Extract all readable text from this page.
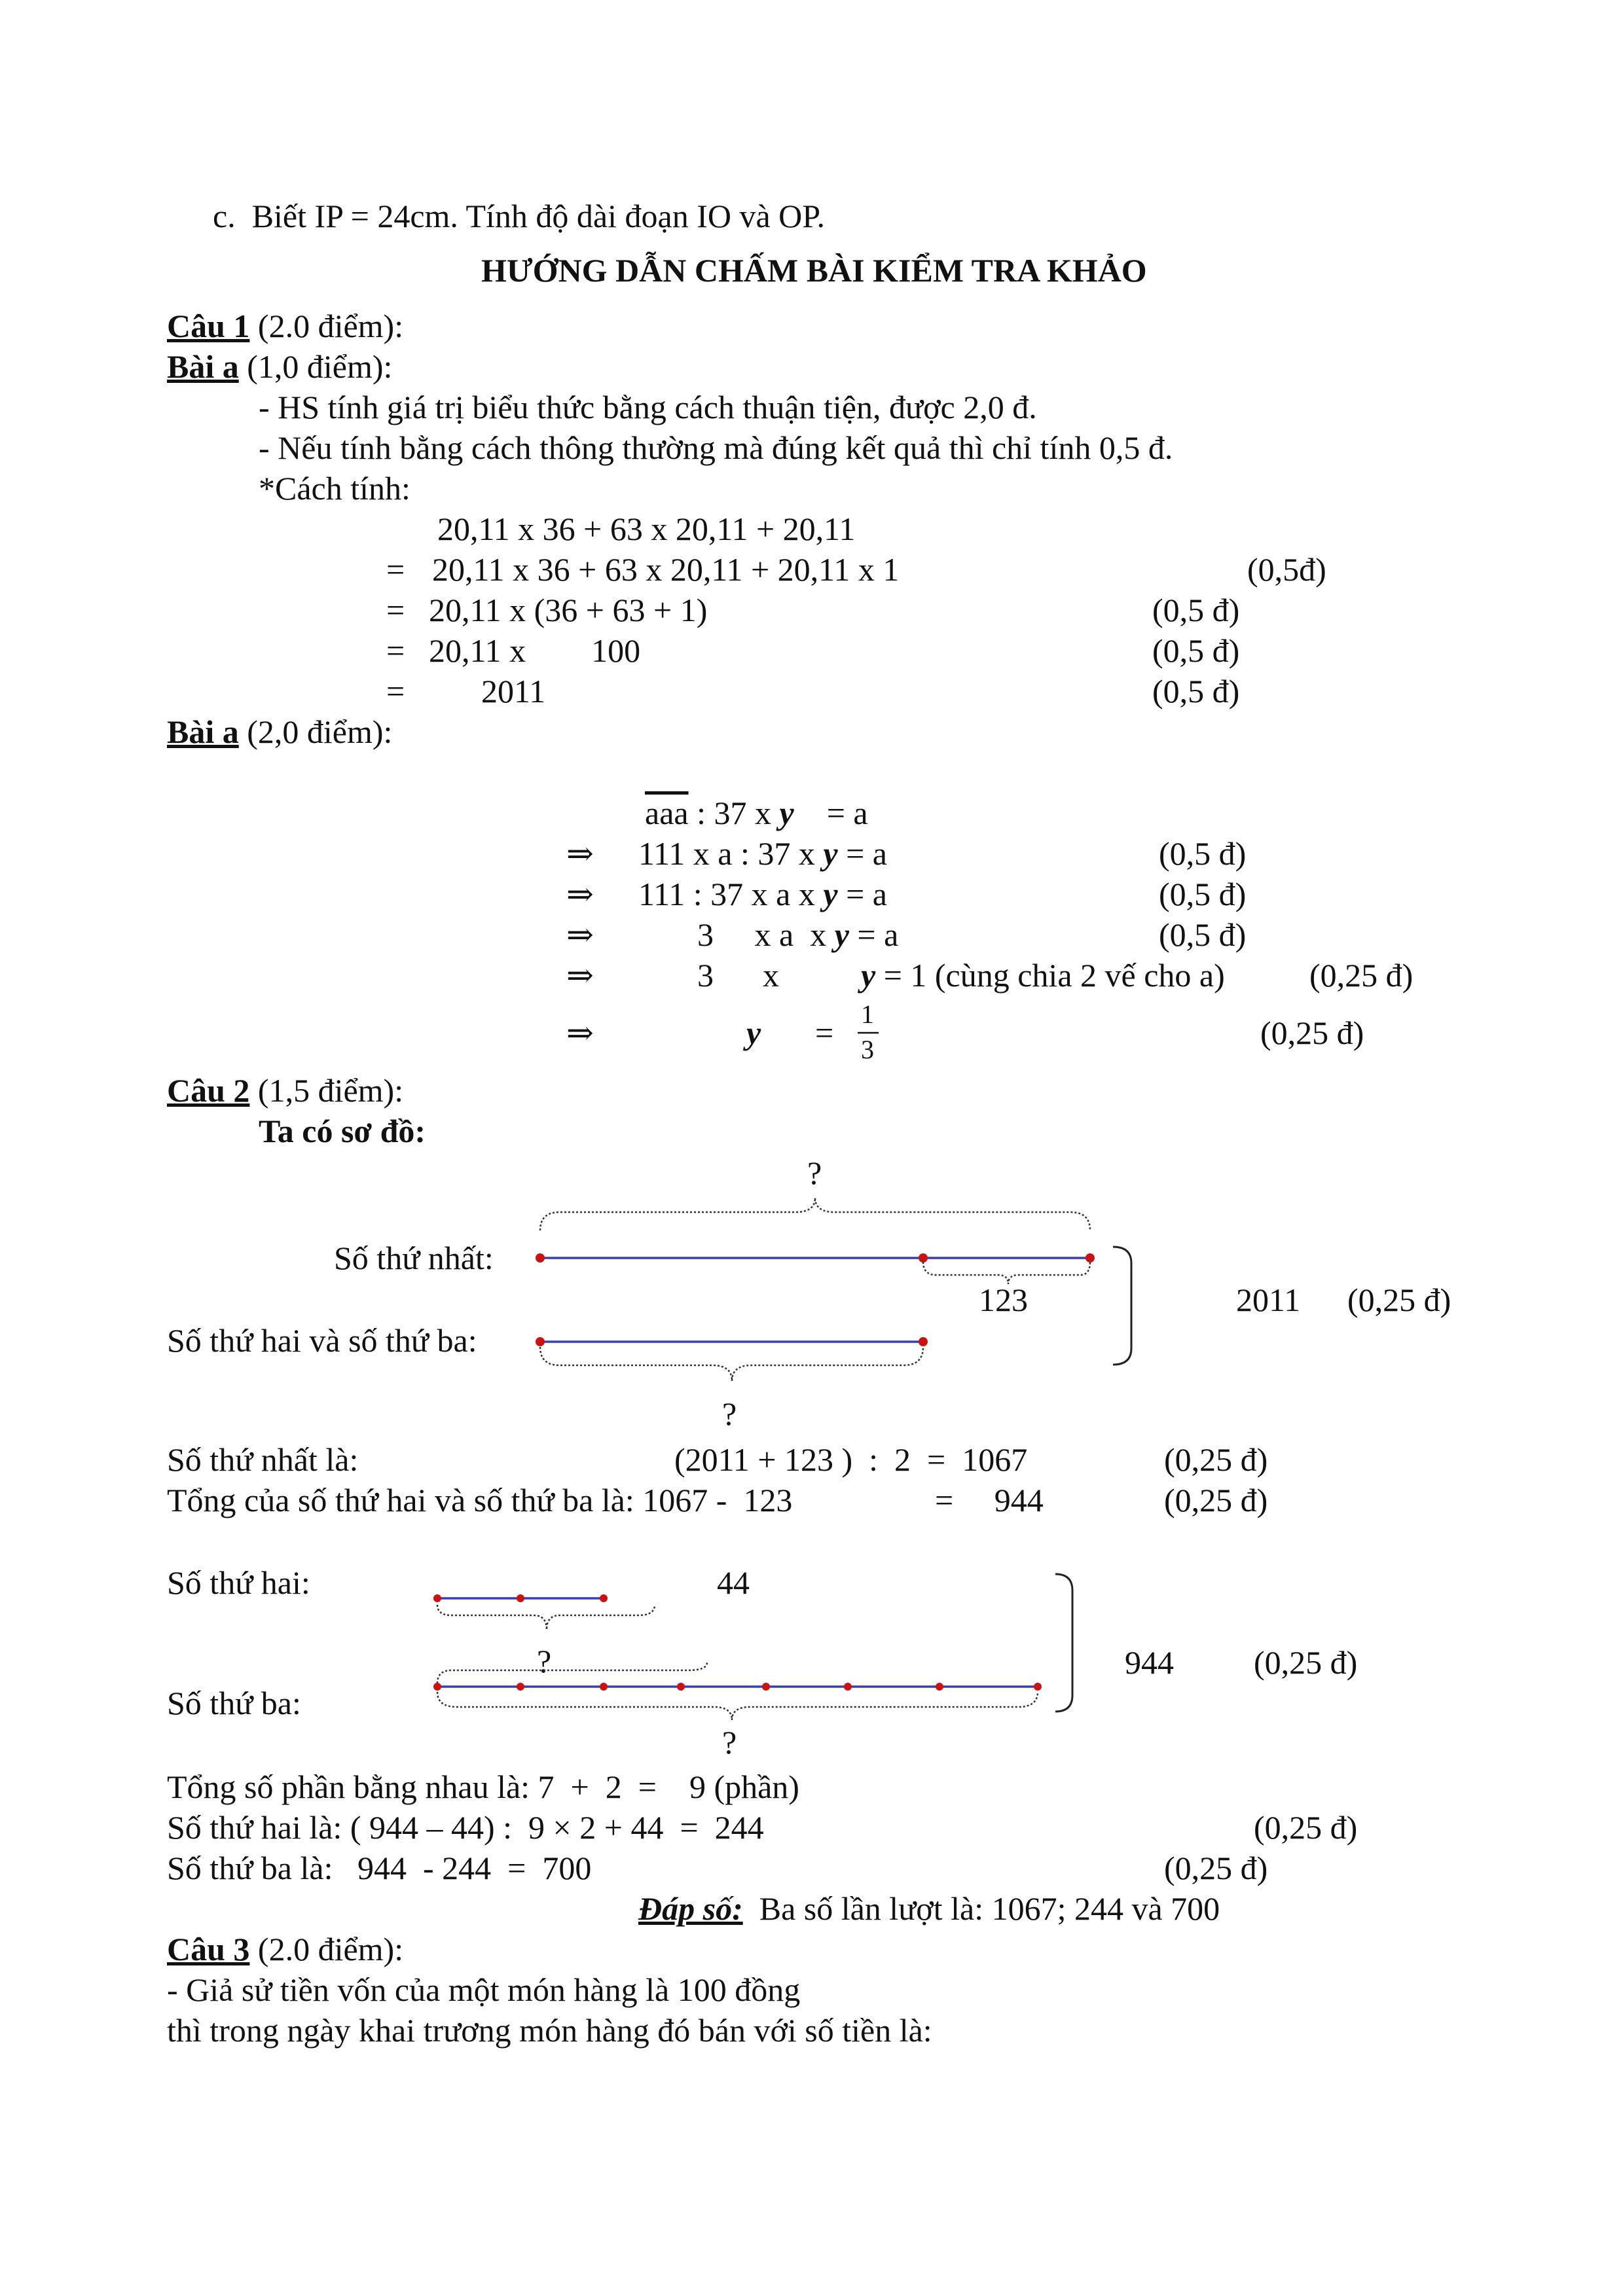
c.  Biết IP = 24cm. Tính độ dài đoạn IO và OP.
HƯỚNG DẪN CHẤM BÀI KIỂM TRA KHẢO
Câu 1 (2.0 điểm):
Bài a (1,0 điểm):
- HS tính giá trị biểu thức bằng cách thuận tiện, được 2,0 đ.
- Nếu tính bằng cách thông thường mà đúng kết quả thì chỉ tính 0,5 đ.
*Cách tính:
20,11 x 36 + 63 x 20,11 + 20,11
= 20,11 x 36 + 63 x 20,11 + 20,11 x 1	(0,5đ)
= 20,11 x (36 + 63 + 1)	(0,5 đ)
= 20,11 x        100	(0,5 đ)
= 2011	(0,5 đ)
Bài a (2,0 điểm):
$\overline{aaa}$ : 37 x y    = a
⇒ 111 x a : 37 x y = a	(0,5 đ)
⇒ 111 : 37 x a x y = a	(0,5 đ)
⇒	3     x a  x y = a	(0,5 đ)
⇒	3      x          y = 1 (cùng chia 2 vế cho a)	(0,25 đ)
⇒	y =
1
3	(0,25 đ)
Câu 2 (1,5 điểm):
Ta có sơ đồ:
?
Số thứ nhất:
123
Số thứ hai và số thứ ba:
?
2011 (0,25 đ)
Số thứ nhất là:	(2011 + 123 )  :  2  =  1067	(0,25 đ)
Tổng của số thứ hai và số thứ ba là: 1067 -  123	=     944	(0,25 đ)
Số thứ hai:	44
?
Số thứ ba:
?
944 (0,25 đ)
Tổng số phần bằng nhau là: 7  +  2  =    9 (phần)
Số thứ hai là: ( 944 – 44) :  9 × 2 + 44  =  244	(0,25 đ)
Số thứ ba là:   944  - 244  =  700	(0,25 đ)
Đáp số:  Ba số lần lượt là: 1067; 244 và 700
Câu 3 (2.0 điểm):
- Giả sử tiền vốn của một món hàng là 100 đồng
thì trong ngày khai trương món hàng đó bán với số tiền là:
